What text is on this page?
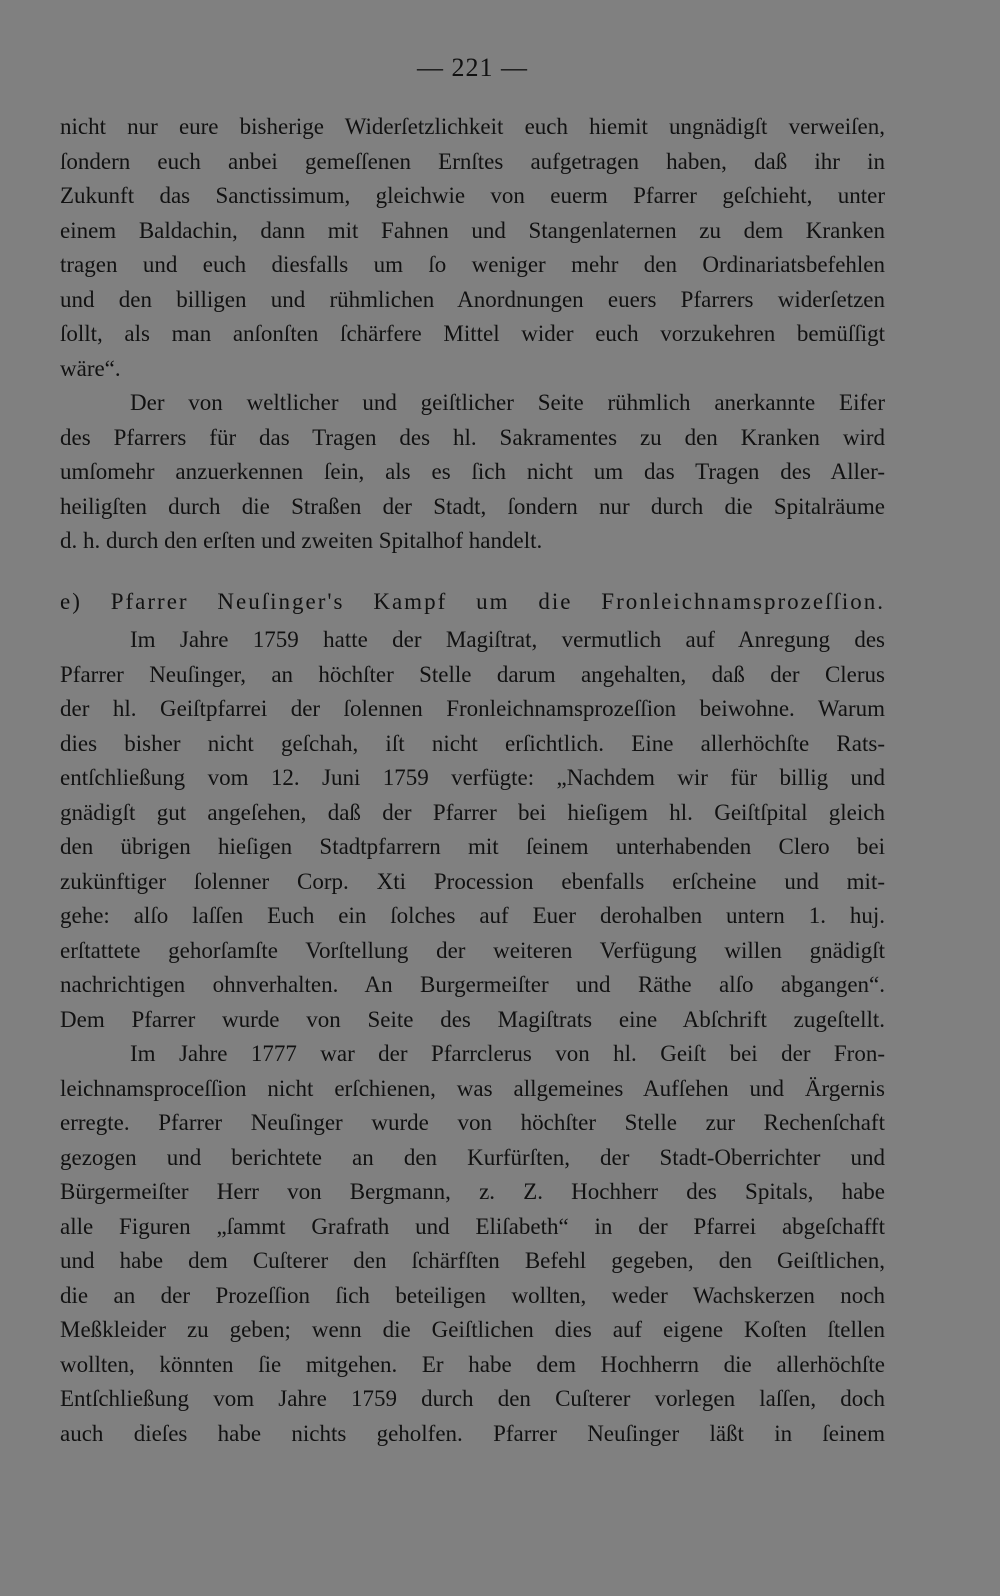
— 221 —
nicht nur eure bisherige Widerſetzlichkeit euch hiemit ungnädigſt verweiſen,
ſondern euch anbei gemeſſenen Ernſtes aufgetragen haben, daß ihr in
Zukunft das Sanctissimum, gleichwie von euerm Pfarrer geſchieht, unter
einem Baldachin, dann mit Fahnen und Stangenlaternen zu dem Kranken
tragen und euch diesfalls um ſo weniger mehr den Ordinariatsbefehlen
und den billigen und rühmlichen Anordnungen euers Pfarrers widerſetzen
ſollt, als man anſonſten ſchärfere Mittel wider euch vorzukehren bemüſſigt
wäre“.
Der von weltlicher und geiſtlicher Seite rühmlich anerkannte Eifer
des Pfarrers für das Tragen des hl. Sakramentes zu den Kranken wird
umſomehr anzuerkennen ſein, als es ſich nicht um das Tragen des Aller-
heiligſten durch die Straßen der Stadt, ſondern nur durch die Spitalräume
d. h. durch den erſten und zweiten Spitalhof handelt.
e) Pfarrer Neuſinger's Kampf um die Fronleichnamsprozeſſion.
Im Jahre 1759 hatte der Magiſtrat, vermutlich auf Anregung des
Pfarrer Neuſinger, an höchſter Stelle darum angehalten, daß der Clerus
der hl. Geiſtpfarrei der ſolennen Fronleichnamsprozeſſion beiwohne. Warum
dies bisher nicht geſchah, iſt nicht erſichtlich. Eine allerhöchſte Rats-
entſchließung vom 12. Juni 1759 verfügte: „Nachdem wir für billig und
gnädigſt gut angeſehen, daß der Pfarrer bei hieſigem hl. Geiſtſpital gleich
den übrigen hieſigen Stadtpfarrern mit ſeinem unterhabenden Clero bei
zukünftiger ſolenner Corp. Xti Procession ebenfalls erſcheine und mit-
gehe: alſo laſſen Euch ein ſolches auf Euer derohalben untern 1. huj.
erſtattete gehorſamſte Vorſtellung der weiteren Verfügung willen gnädigſt
nachrichtigen ohnverhalten. An Burgermeiſter und Räthe alſo abgangen“.
Dem Pfarrer wurde von Seite des Magiſtrats eine Abſchrift zugeſtellt.
Im Jahre 1777 war der Pfarrclerus von hl. Geiſt bei der Fron-
leichnamsproceſſion nicht erſchienen, was allgemeines Aufſehen und Ärgernis
erregte. Pfarrer Neuſinger wurde von höchſter Stelle zur Rechenſchaft
gezogen und berichtete an den Kurfürſten, der Stadt-Oberrichter und
Bürgermeiſter Herr von Bergmann, z. Z. Hochherr des Spitals, habe
alle Figuren „ſammt Grafrath und Eliſabeth“ in der Pfarrei abgeſchafft
und habe dem Cuſterer den ſchärfſten Befehl gegeben, den Geiſtlichen,
die an der Prozeſſion ſich beteiligen wollten, weder Wachskerzen noch
Meßkleider zu geben; wenn die Geiſtlichen dies auf eigene Koſten ſtellen
wollten, könnten ſie mitgehen. Er habe dem Hochherrn die allerhöchſte
Entſchließung vom Jahre 1759 durch den Cuſterer vorlegen laſſen, doch
auch dieſes habe nichts geholfen. Pfarrer Neuſinger läßt in ſeinem
